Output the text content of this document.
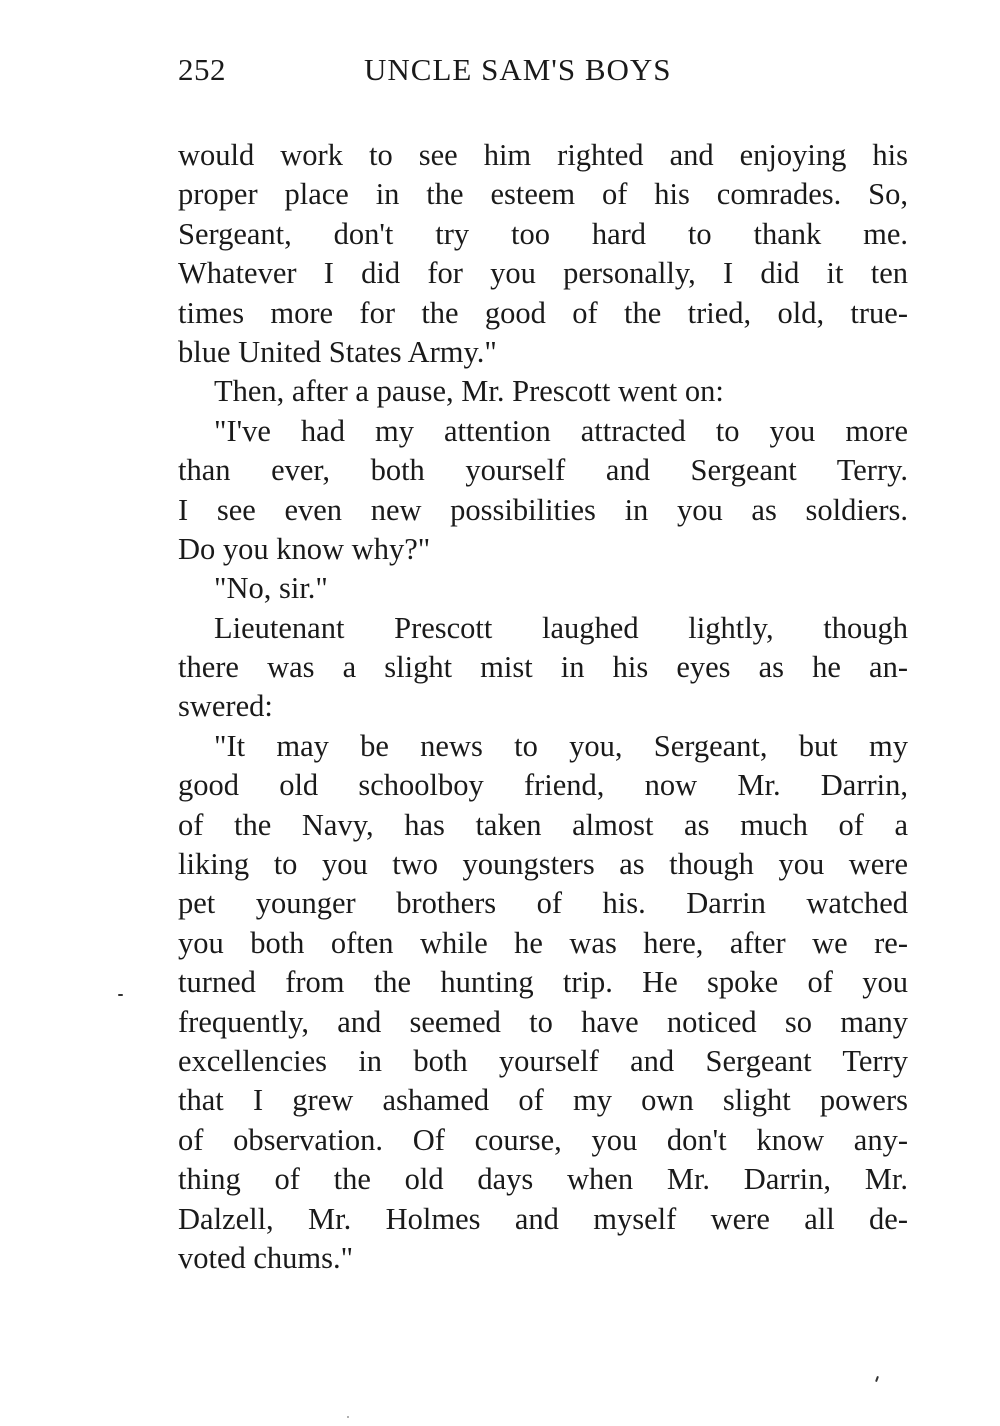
252	UNCLE SAM'S BOYS
would work to see him righted and enjoying his
proper place in the esteem of his comrades. So,
Sergeant, don't try too hard to thank me.
Whatever I did for you personally, I did it ten
times more for the good of the tried, old, true-
blue United States Army."
Then, after a pause, Mr. Prescott went on:
"I've had my attention attracted to you more
than ever, both yourself and Sergeant Terry.
I see even new possibilities in you as soldiers.
Do you know why?"
"No, sir."
Lieutenant Prescott laughed lightly, though
there was a slight mist in his eyes as he an-
swered:
"It may be news to you, Sergeant, but my
good old schoolboy friend, now Mr. Darrin,
of the Navy, has taken almost as much of a
liking to you two youngsters as though you were
pet younger brothers of his. Darrin watched
you both often while he was here, after we re-
turned from the hunting trip. He spoke of you
frequently, and seemed to have noticed so many
excellencies in both yourself and Sergeant Terry
that I grew ashamed of my own slight powers
of observation. Of course, you don't know any-
thing of the old days when Mr. Darrin, Mr.
Dalzell, Mr. Holmes and myself were all de-
voted chums."
